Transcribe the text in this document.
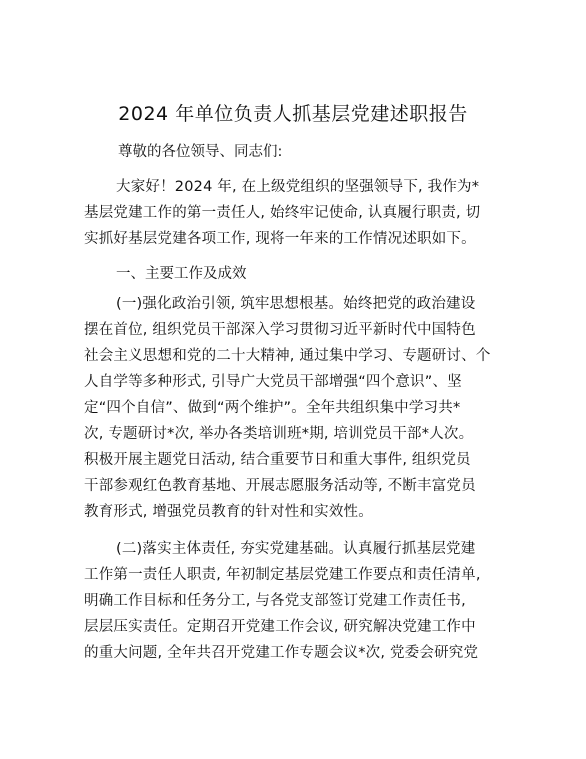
2024 年单位负责人抓基层党建述职报告
尊敬的各位领导、同志们:
大家好！2024 年, 在上级党组织的坚强领导下, 我作为*
基层党建工作的第一责任人, 始终牢记使命, 认真履行职责, 切
实抓好基层党建各项工作, 现将一年来的工作情况述职如下。
一、主要工作及成效
(一)强化政治引领, 筑牢思想根基。始终把党的政治建设
摆在首位, 组织党员干部深入学习贯彻习近平新时代中国特色
社会主义思想和党的二十大精神, 通过集中学习、专题研讨、个
人自学等多种形式, 引导广大党员干部增强“四个意识”、坚
定“四个自信”、做到“两个维护”。全年共组织集中学习共*
次, 专题研讨*次, 举办各类培训班*期, 培训党员干部*人次。
积极开展主题党日活动, 结合重要节日和重大事件, 组织党员
干部参观红色教育基地、开展志愿服务活动等, 不断丰富党员
教育形式, 增强党员教育的针对性和实效性。
(二)落实主体责任, 夯实党建基础。认真履行抓基层党建
工作第一责任人职责, 年初制定基层党建工作要点和责任清单,
明确工作目标和任务分工, 与各党支部签订党建工作责任书,
层层压实责任。定期召开党建工作会议, 研究解决党建工作中
的重大问题, 全年共召开党建工作专题会议*次, 党委会研究党
